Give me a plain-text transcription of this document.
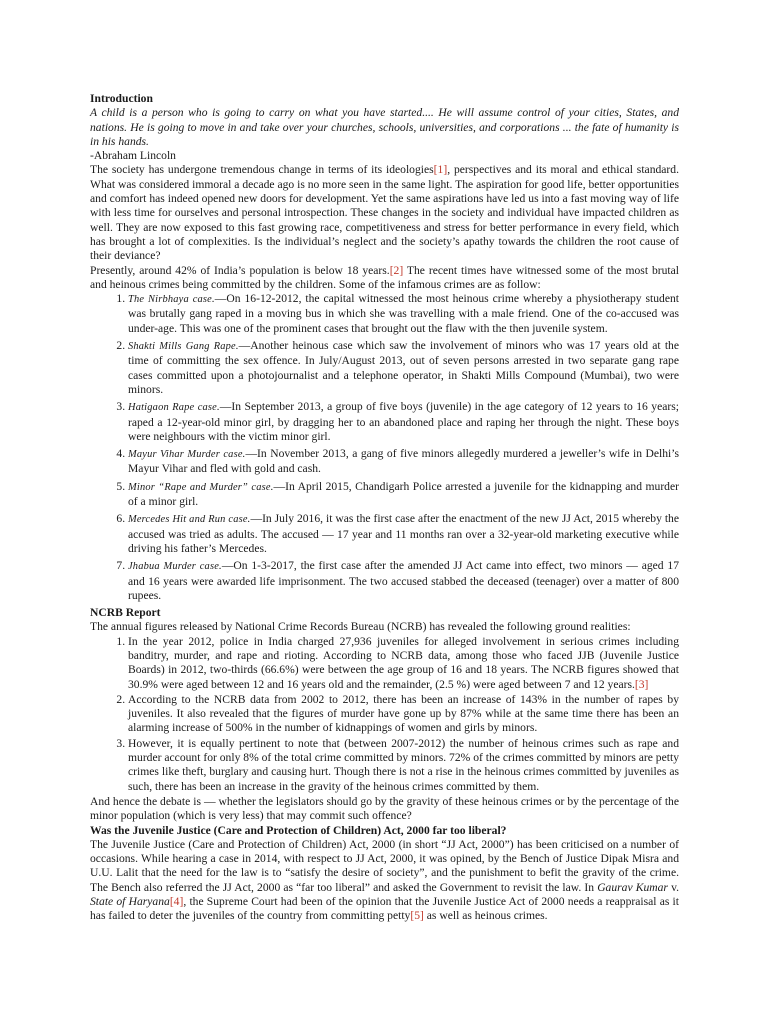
Introduction

A child is a person who is going to carry on what you have started.... He will assume control of your cities, States, and nations. He is going to move in and take over your churches, schools, universities, and corporations ... the fate of humanity is in his hands.

-Abraham Lincoln

The society has undergone tremendous change in terms of its ideologies[1], perspectives and its moral and ethical standard. What was considered immoral a decade ago is no more seen in the same light. The aspiration for good life, better opportunities and comfort has indeed opened new doors for development. Yet the same aspirations have led us into a fast moving way of life with less time for ourselves and personal introspection. These changes in the society and individual have impacted children as well. They are now exposed to this fast growing race, competitiveness and stress for better performance in every field, which has brought a lot of complexities. Is the individual’s neglect and the society’s apathy towards the children the root cause of their deviance?

Presently, around 42% of India’s population is below 18 years.[2] The recent times have witnessed some of the most brutal and heinous crimes being committed by the children. Some of the infamous crimes are as follow:

1. The Nirbhaya case.—On 16-12-2012, the capital witnessed the most heinous crime whereby a physiotherapy student was brutally gang raped in a moving bus in which she was travelling with a male friend. One of the co-accused was under-age. This was one of the prominent cases that brought out the flaw with the then juvenile system.
2. Shakti Mills Gang Rape.—Another heinous case which saw the involvement of minors who was 17 years old at the time of committing the sex offence. In July/August 2013, out of seven persons arrested in two separate gang rape cases committed upon a photojournalist and a telephone operator, in Shakti Mills Compound (Mumbai), two were minors.
3. Hatigaon Rape case.—In September 2013, a group of five boys (juvenile) in the age category of 12 years to 16 years; raped a 12-year-old minor girl, by dragging her to an abandoned place and raping her through the night. These boys were neighbours with the victim minor girl.
4. Mayur Vihar Murder case.—In November 2013, a gang of five minors allegedly murdered a jeweller’s wife in Delhi’s Mayur Vihar and fled with gold and cash.
5. Minor “Rape and Murder” case.—In April 2015, Chandigarh Police arrested a juvenile for the kidnapping and murder of a minor girl.
6. Mercedes Hit and Run case.—In July 2016, it was the first case after the enactment of the new JJ Act, 2015 whereby the accused was tried as adults. The accused — 17 year and 11 months ran over a 32-year-old marketing executive while driving his father’s Mercedes.
7. Jhabua Murder case.—On 1-3-2017, the first case after the amended JJ Act came into effect, two minors — aged 17 and 16 years were awarded life imprisonment. The two accused stabbed the deceased (teenager) over a matter of 800 rupees.

NCRB Report

The annual figures released by National Crime Records Bureau (NCRB) has revealed the following ground realities:

1. In the year 2012, police in India charged 27,936 juveniles for alleged involvement in serious crimes including banditry, murder, and rape and rioting. According to NCRB data, among those who faced JJB (Juvenile Justice Boards) in 2012, two-thirds (66.6%) were between the age group of 16 and 18 years. The NCRB figures showed that 30.9% were aged between 12 and 16 years old and the remainder, (2.5 %) were aged between 7 and 12 years.[3]
2. According to the NCRB data from 2002 to 2012, there has been an increase of 143% in the number of rapes by juveniles. It also revealed that the figures of murder have gone up by 87% while at the same time there has been an alarming increase of 500% in the number of kidnappings of women and girls by minors.
3. However, it is equally pertinent to note that (between 2007-2012) the number of heinous crimes such as rape and murder account for only 8% of the total crime committed by minors. 72% of the crimes committed by minors are petty crimes like theft, burglary and causing hurt. Though there is not a rise in the heinous crimes committed by juveniles as such, there has been an increase in the gravity of the heinous crimes committed by them.

And hence the debate is — whether the legislators should go by the gravity of these heinous crimes or by the percentage of the minor population (which is very less) that may commit such offence?

Was the Juvenile Justice (Care and Protection of Children) Act, 2000 far too liberal?

The Juvenile Justice (Care and Protection of Children) Act, 2000 (in short “JJ Act, 2000”) has been criticised on a number of occasions. While hearing a case in 2014, with respect to JJ Act, 2000, it was opined, by the Bench of Justice Dipak Misra and U.U. Lalit that the need for the law is to “satisfy the desire of society”, and the punishment to befit the gravity of the crime. The Bench also referred the JJ Act, 2000 as “far too liberal” and asked the Government to revisit the law. In Gaurav Kumar v. State of Haryana[4], the Supreme Court had been of the opinion that the Juvenile Justice Act of 2000 needs a reappraisal as it has failed to deter the juveniles of the country from committing petty[5] as well as heinous crimes.
